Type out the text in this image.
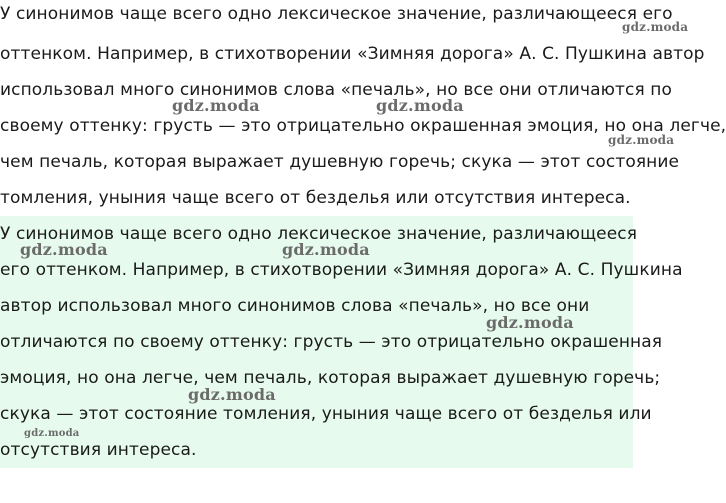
У синонимов чаще всего одно лексическое значение, различающееся его
оттенком. Например, в стихотворении «Зимняя дорога» А. С. Пушкина автор
использовал много синонимов слова «печаль», но все они отличаются по
своему оттенку: грусть — это отрицательно окрашенная эмоция, но она легче,
чем печаль, которая выражает душевную горечь; скука — этот состояние
томления, уныния чаще всего от безделья или отсутствия интереса.
У синонимов чаще всего одно лексическое значение, различающееся
его оттенком. Например, в стихотворении «Зимняя дорога» А. С. Пушкина
автор использовал много синонимов слова «печаль», но все они
отличаются по своему оттенку: грусть — это отрицательно окрашенная
эмоция, но она легче, чем печаль, которая выражает душевную горечь;
скука — этот состояние томления, уныния чаще всего от безделья или
отсутствия интереса.
gdz.moda
gdz.moda	gdz.moda
gdz.moda
gdz.moda	gdz.moda
gdz.moda
gdz.moda
gdz.moda
